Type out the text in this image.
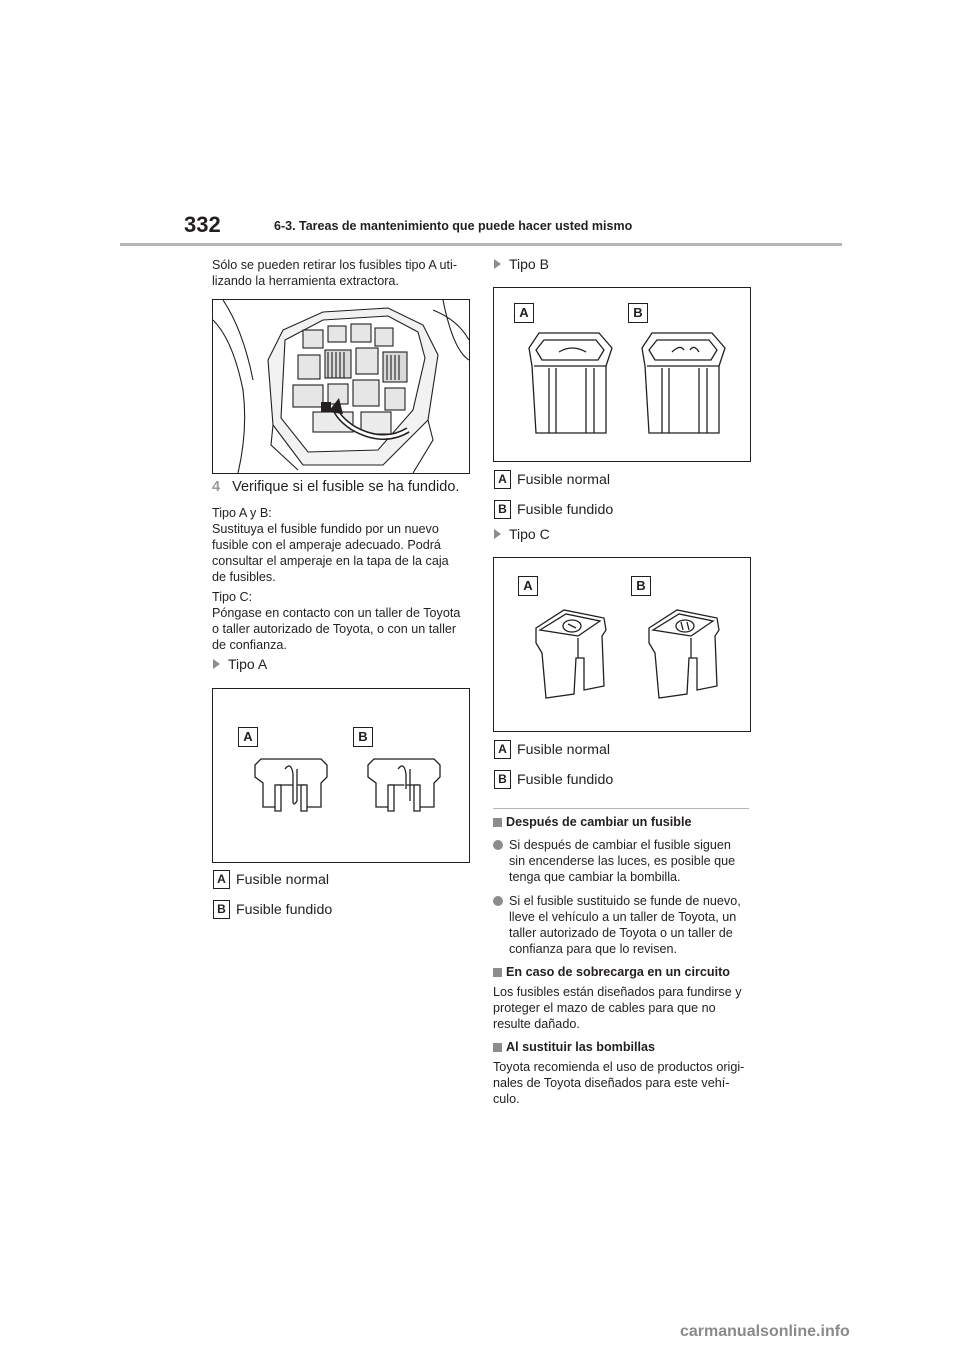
332	6-3. Tareas de mantenimiento que puede hacer usted mismo
Sólo se pueden retirar los fusibles tipo A uti-
lizando la herramienta extractora.
4 Verifique si el fusible se ha fundido.
Tipo A y B:
Sustituya el fusible fundido por un nuevo
fusible con el amperaje adecuado. Podrá
consultar el amperaje en la tapa de la caja
de fusibles.
Tipo C:
Póngase en contacto con un taller de Toyota
o taller autorizado de Toyota, o con un taller
de confianza.
Tipo A
A	B
A Fusible normal
B Fusible fundido
Tipo B
A	B
A Fusible normal
B Fusible fundido
Tipo C
A	B
A Fusible normal
B Fusible fundido
Después de cambiar un fusible
Si después de cambiar el fusible siguen
sin encenderse las luces, es posible que
tenga que cambiar la bombilla.
Si el fusible sustituido se funde de nuevo,
lleve el vehículo a un taller de Toyota, un
taller autorizado de Toyota o un taller de
confianza para que lo revisen.
En caso de sobrecarga en un circuito
Los fusibles están diseñados para fundirse y
proteger el mazo de cables para que no
resulte dañado.
Al sustituir las bombillas
Toyota recomienda el uso de productos origi-
nales de Toyota diseñados para este vehí-
culo.
carmanualsonline.info
